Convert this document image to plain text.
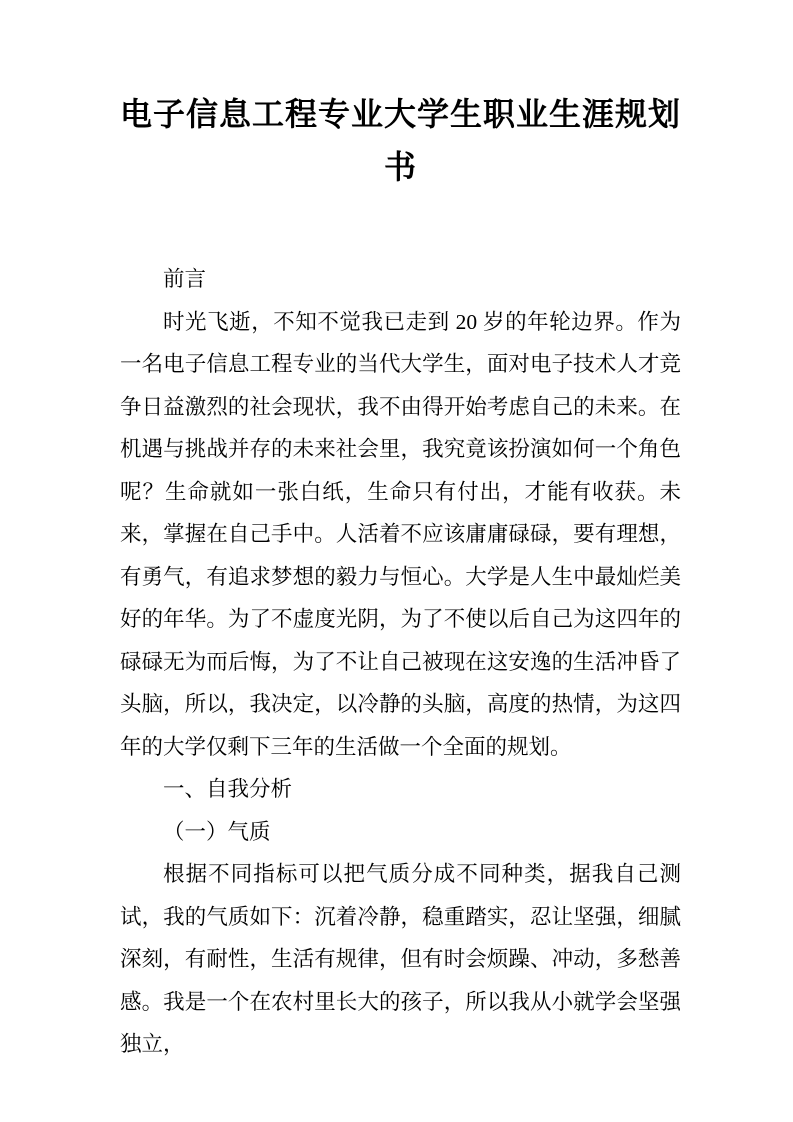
电子信息工程专业大学生职业生涯规划书

前言

时光飞逝，不知不觉我已走到 20 岁的年轮边界。作为一名电子信息工程专业的当代大学生，面对电子技术人才竞争日益激烈的社会现状，我不由得开始考虑自己的未来。在机遇与挑战并存的未来社会里，我究竟该扮演如何一个角色呢？生命就如一张白纸，生命只有付出，才能有收获。未来，掌握在自己手中。人活着不应该庸庸碌碌，要有理想，有勇气，有追求梦想的毅力与恒心。大学是人生中最灿烂美好的年华。为了不虚度光阴，为了不使以后自己为这四年的碌碌无为而后悔，为了不让自己被现在这安逸的生活冲昏了头脑，所以，我决定，以冷静的头脑，高度的热情，为这四年的大学仅剩下三年的生活做一个全面的规划。

一、自我分析

（一）气质

根据不同指标可以把气质分成不同种类，据我自己测试，我的气质如下：沉着冷静，稳重踏实，忍让坚强，细腻深刻，有耐性，生活有规律，但有时会烦躁、冲动，多愁善感。我是一个在农村里长大的孩子，所以我从小就学会坚强独立，
